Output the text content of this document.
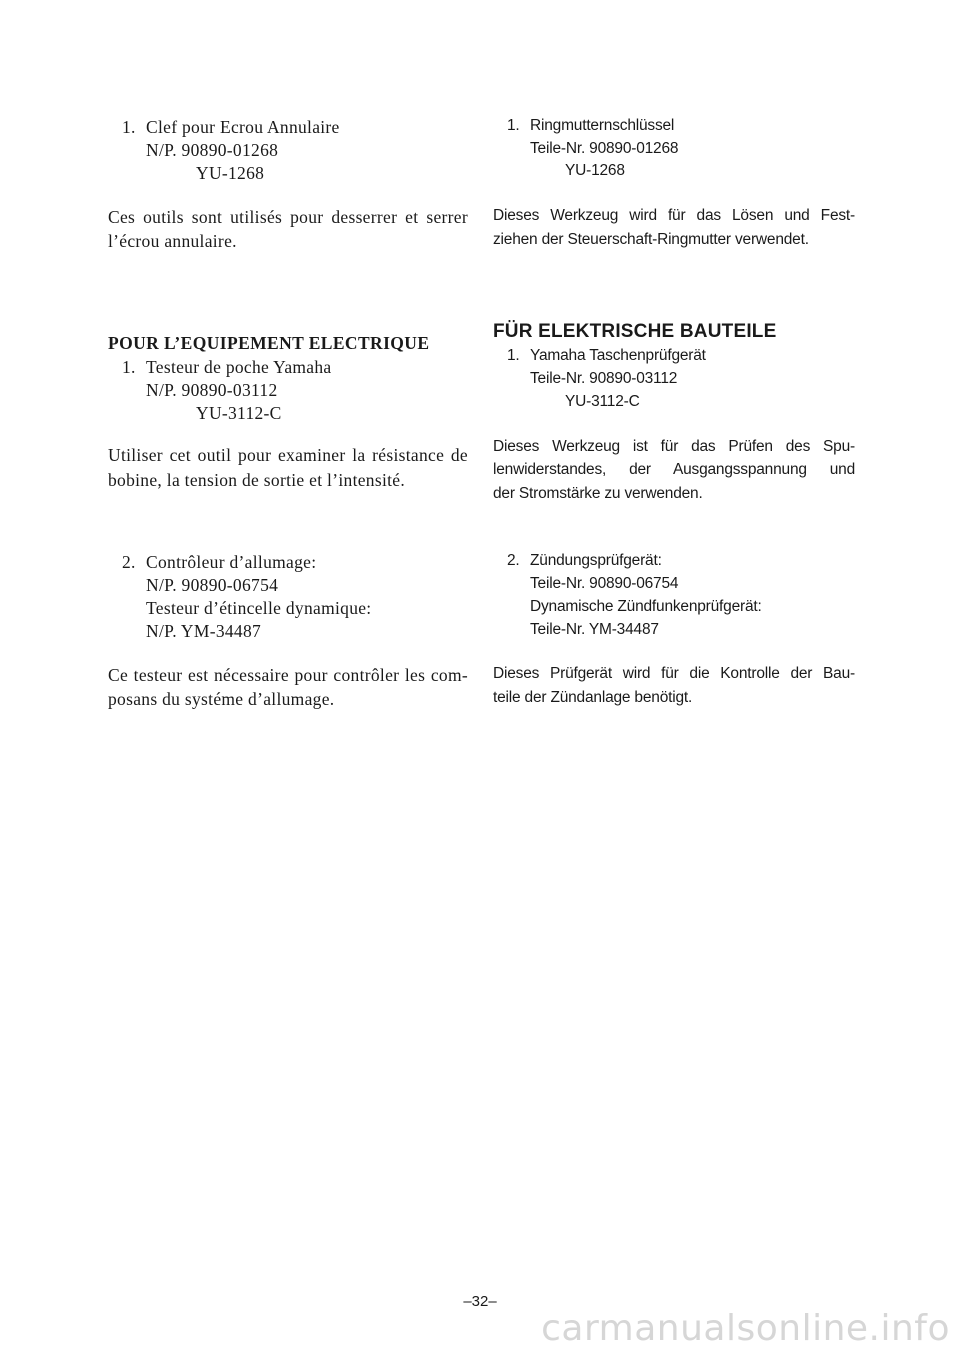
1. Clef pour Ecrou Annulaire
N/P. 90890-01268
YU-1268
Ces outils sont utilisés pour desserrer et serrer
l’écrou annulaire.
POUR L’EQUIPEMENT ELECTRIQUE
1. Testeur de poche Yamaha
N/P. 90890-03112
YU-3112-C
Utiliser cet outil pour examiner la résistance de
bobine, la tension de sortie et l’intensité.
2. Contrôleur d’allumage:
N/P. 90890-06754
Testeur d’étincelle dynamique:
N/P. YM-34487
Ce testeur est nécessaire pour contrôler les com-
posans du systéme d’allumage.
1. Ringmutternschlüssel
Teile-Nr. 90890-01268
YU-1268
Dieses Werkzeug wird für das Lösen und Fest-
ziehen der Steuerschaft-Ringmutter verwendet.
FÜR ELEKTRISCHE BAUTEILE
1. Yamaha Taschenprüfgerät
Teile-Nr. 90890-03112
YU-3112-C
Dieses Werkzeug ist für das Prüfen des Spu-
lenwiderstandes, der Ausgangsspannung und
der Stromstärke zu verwenden.
2. Zündungsprüfgerät:
Teile-Nr. 90890-06754
Dynamische Zündfunkenprüfgerät:
Teile-Nr. YM-34487
Dieses Prüfgerät wird für die Kontrolle der Bau-
teile der Zündanlage benötigt.
–32–
carmanualsonline.info
